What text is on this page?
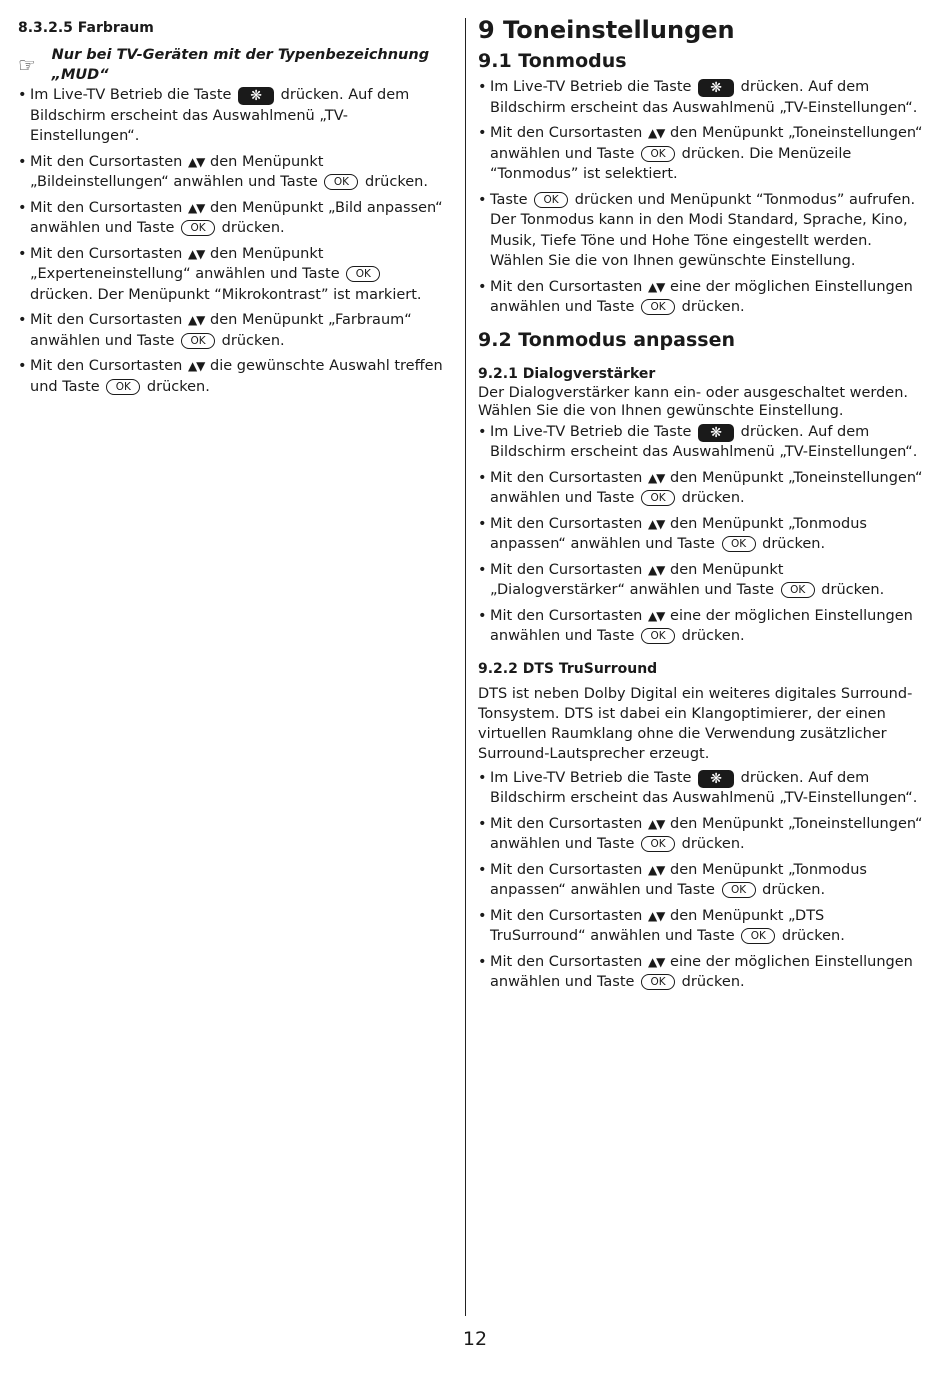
8.3.2.5 Farbraum
☞ Nur bei TV-Geräten mit der Typenbezeichnung „MUD“
• Im Live-TV Betrieb die Taste ❋ drücken. Auf dem Bildschirm erscheint das Auswahlmenü „TV-Einstellungen“.
• Mit den Cursortasten ▲▼ den Menüpunkt „Bildeinstellungen“ anwählen und Taste OK drücken.
• Mit den Cursortasten ▲▼ den Menüpunkt „Bild anpassen“ anwählen und Taste OK drücken.
• Mit den Cursortasten ▲▼ den Menüpunkt „Experteneinstellung“ anwählen und Taste OK drücken. Der Menüpunkt “Mikrokontrast” ist markiert.
• Mit den Cursortasten ▲▼ den Menüpunkt „Farbraum“ anwählen und Taste OK drücken.
• Mit den Cursortasten ▲▼ die gewünschte Auswahl treffen und Taste OK drücken.
9 Toneinstellungen
9.1 Tonmodus
• Im Live-TV Betrieb die Taste ❋ drücken. Auf dem Bildschirm erscheint das Auswahlmenü „TV-Einstellungen“.
• Mit den Cursortasten ▲▼ den Menüpunkt „Toneinstellungen“ anwählen und Taste OK drücken. Die Menüzeile “Tonmodus” ist selektiert.
• Taste OK drücken und Menüpunkt “Tonmodus” aufrufen. Der Tonmodus kann in den Modi Standard, Sprache, Kino, Musik, Tiefe Töne und Hohe Töne eingestellt werden. Wählen Sie die von Ihnen gewünschte Einstellung.
• Mit den Cursortasten ▲▼ eine der möglichen Einstellungen anwählen und Taste OK drücken.
9.2 Tonmodus anpassen
9.2.1 Dialogverstärker
Der Dialogverstärker kann ein- oder ausgeschaltet werden. Wählen Sie die von Ihnen gewünschte Einstellung.
• Im Live-TV Betrieb die Taste ❋ drücken. Auf dem Bildschirm erscheint das Auswahlmenü „TV-Einstellungen“.
• Mit den Cursortasten ▲▼ den Menüpunkt „Toneinstellungen“ anwählen und Taste OK drücken.
• Mit den Cursortasten ▲▼ den Menüpunkt „Tonmodus anpassen“ anwählen und Taste OK drücken.
• Mit den Cursortasten ▲▼ den Menüpunkt „Dialogverstärker“ anwählen und Taste OK drücken.
• Mit den Cursortasten ▲▼ eine der möglichen Einstellungen anwählen und Taste OK drücken.
9.2.2 DTS TruSurround
DTS ist neben Dolby Digital ein weiteres digitales Surround-Tonsystem. DTS ist dabei ein Klangoptimierer, der einen virtuellen Raumklang ohne die Verwendung zusätzlicher Surround-Lautsprecher erzeugt.
• Im Live-TV Betrieb die Taste ❋ drücken. Auf dem Bildschirm erscheint das Auswahlmenü „TV-Einstellungen“.
• Mit den Cursortasten ▲▼ den Menüpunkt „Toneinstellungen“ anwählen und Taste OK drücken.
• Mit den Cursortasten ▲▼ den Menüpunkt „Tonmodus anpassen“ anwählen und Taste OK drücken.
• Mit den Cursortasten ▲▼ den Menüpunkt „DTS TruSurround“ anwählen und Taste OK drücken.
• Mit den Cursortasten ▲▼ eine der möglichen Einstellungen anwählen und Taste OK drücken.
12
